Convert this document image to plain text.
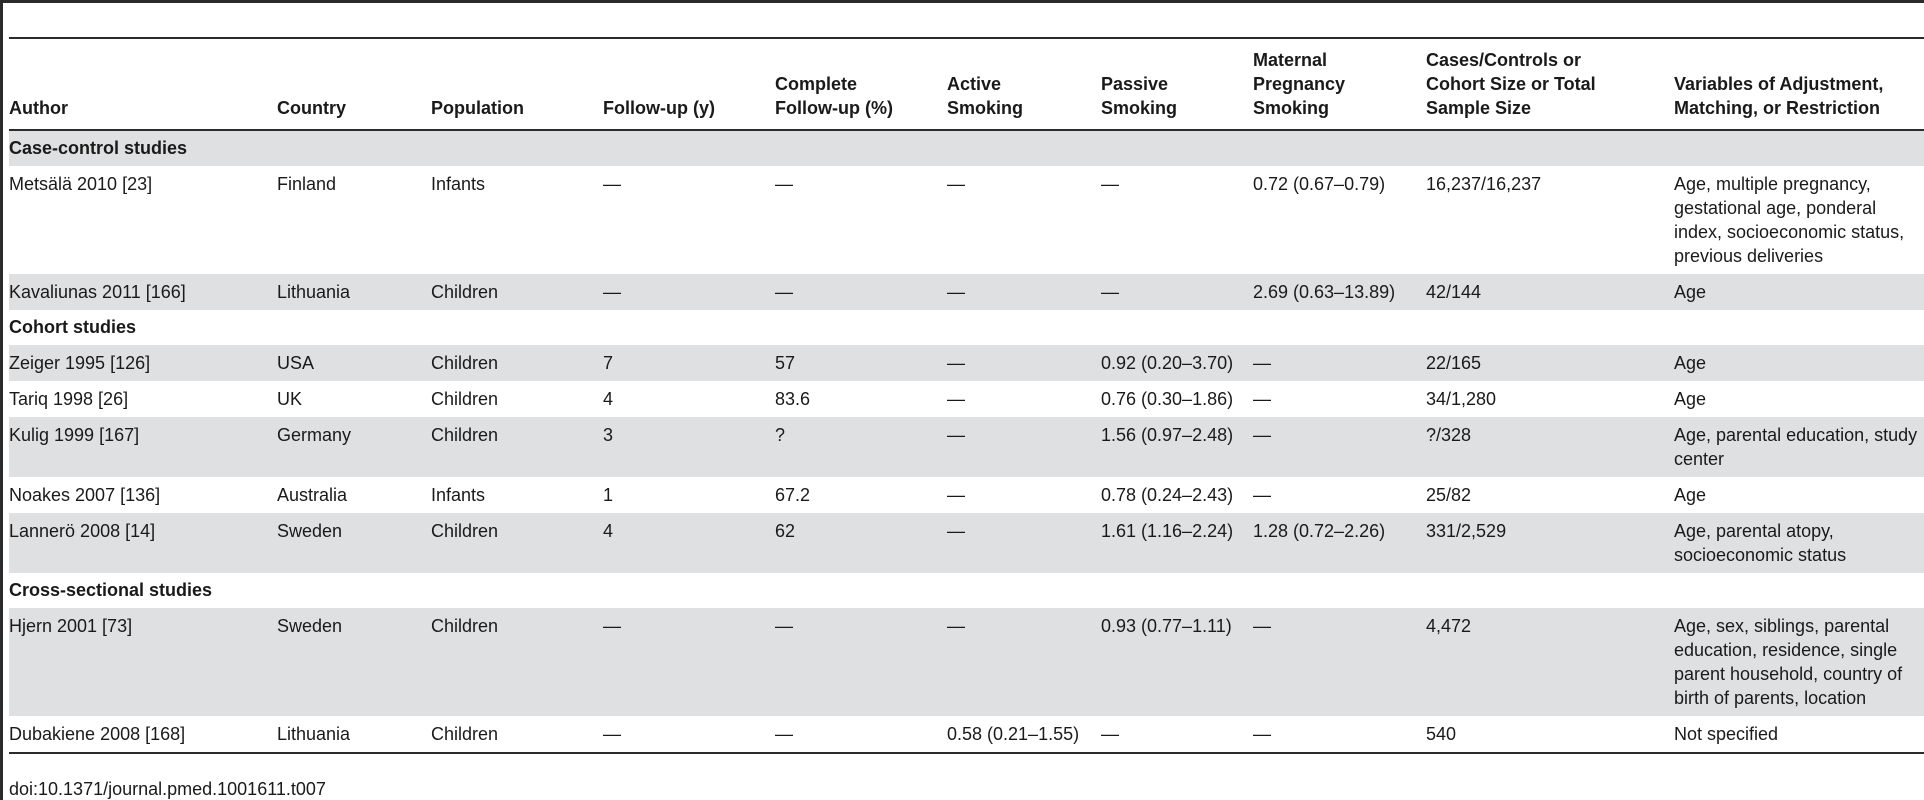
Author	Country	Population	Follow-up (y)	Complete Follow-up (%)	Active Smoking	Passive Smoking	Maternal Pregnancy Smoking	Cases/Controls or Cohort Size or Total Sample Size	Variables of Adjustment, Matching, or Restriction
Case-control studies									
Metsälä 2010 [23]	Finland	Infants	—	—	—	—	0.72 (0.67–0.79)	16,237/16,237	Age, multiple pregnancy, gestational age, ponderal index, socioeconomic status, previous deliveries
Kavaliunas 2011 [166]	Lithuania	Children	—	—	—	—	2.69 (0.63–13.89)	42/144	Age
Cohort studies									
Zeiger 1995 [126]	USA	Children	7	57	—	0.92 (0.20–3.70)	—	22/165	Age
Tariq 1998 [26]	UK	Children	4	83.6	—	0.76 (0.30–1.86)	—	34/1,280	Age
Kulig 1999 [167]	Germany	Children	3	?	—	1.56 (0.97–2.48)	—	?/328	Age, parental education, study center
Noakes 2007 [136]	Australia	Infants	1	67.2	—	0.78 (0.24–2.43)	—	25/82	Age
Lannerö 2008 [14]	Sweden	Children	4	62	—	1.61 (1.16–2.24)	1.28 (0.72–2.26)	331/2,529	Age, parental atopy, socioeconomic status
Cross-sectional studies									
Hjern 2001 [73]	Sweden	Children	—	—	—	0.93 (0.77–1.11)	—	4,472	Age, sex, siblings, parental education, residence, single parent household, country of birth of parents, location
Dubakiene 2008 [168]	Lithuania	Children	—	—	0.58 (0.21–1.55)	—	—	540	Not specified
doi:10.1371/journal.pmed.1001611.t007
